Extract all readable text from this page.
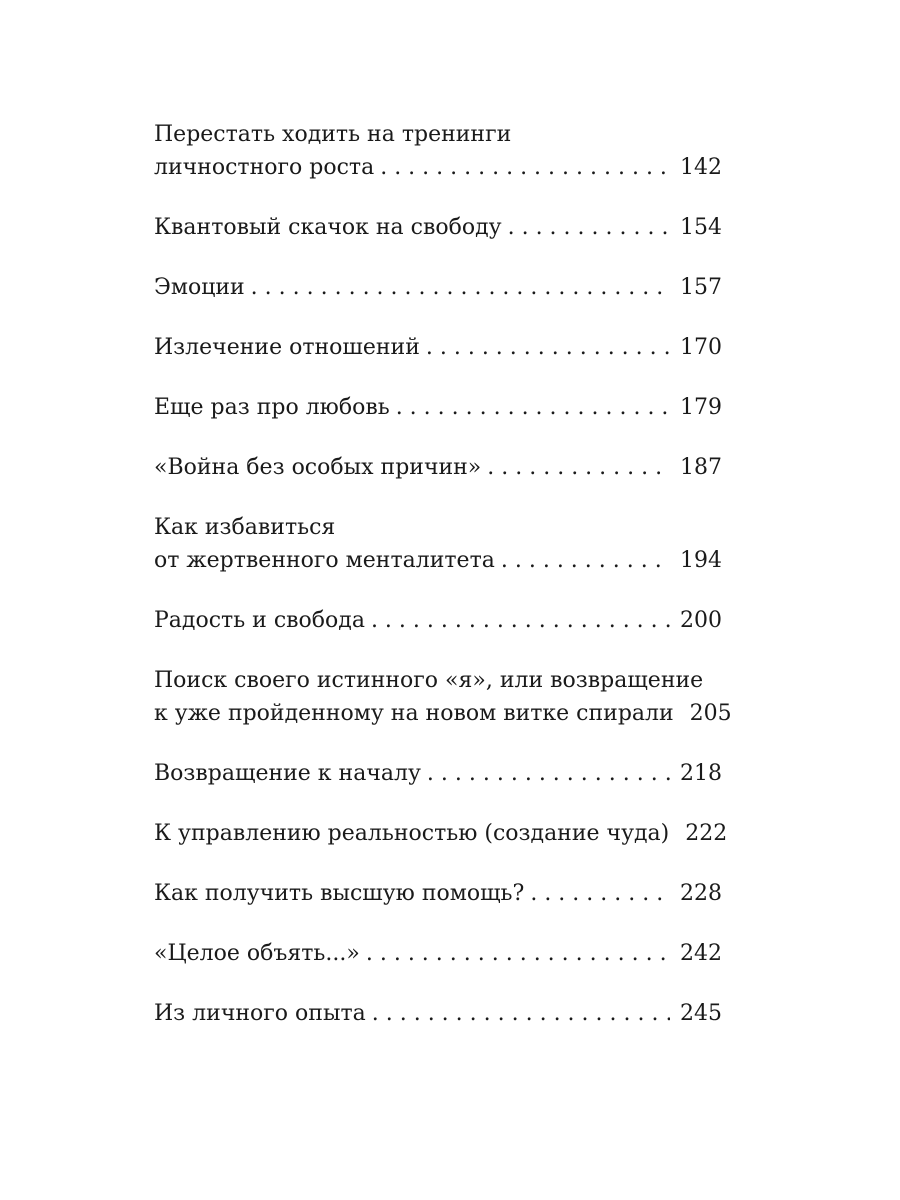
Перестать ходить на тренинги
личностного роста . . .	142
Квантовый скачок на свободу . . .	154
Эмоции . . .	157
Излечение отношений . . .	170
Еще раз про любовь . . .	179
«Война без особых причин» . . .	187
Как избавиться
от жертвенного менталитета . . .	194
Радость и свобода . . .	200
Поиск своего истинного «я», или возвращение
к уже пройденному на новом витке спирали 205
Возвращение к началу . . .	218
К управлению реальностью (создание чуда) 222
Как получить высшую помощь? . . .	228
«Целое объять...» . . .	242
Из личного опыта . . .	245
